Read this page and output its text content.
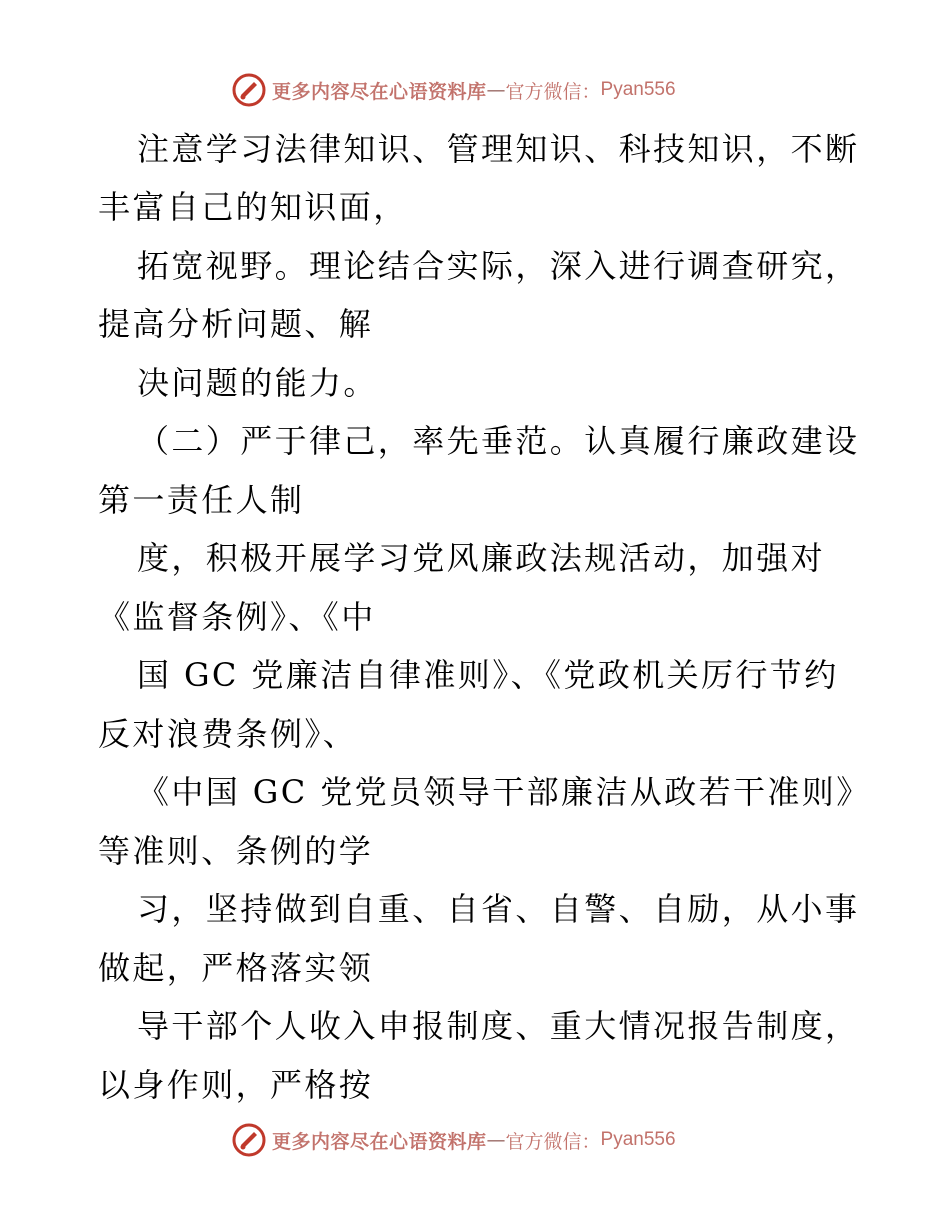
更多内容尽在心语资料库 — 官方微信： Pyan556
注意学习法律知识、管理知识、科技知识，不断
丰富自己的知识面，
拓宽视野。理论结合实际，深入进行调查研究，
提高分析问题、解
决问题的能力。
（二）严于律己，率先垂范。认真履行廉政建设
第一责任人制
度，积极开展学习党风廉政法规活动，加强对
《监督条例》、《中
国 GC 党廉洁自律准则》、《党政机关厉行节约
反对浪费条例》、
《中国 GC 党党员领导干部廉洁从政若干准则》
等准则、条例的学
习，坚持做到自重、自省、自警、自励，从小事
做起，严格落实领
导干部个人收入申报制度、重大情况报告制度，
以身作则，严格按
更多内容尽在心语资料库 — 官方微信： Pyan556
